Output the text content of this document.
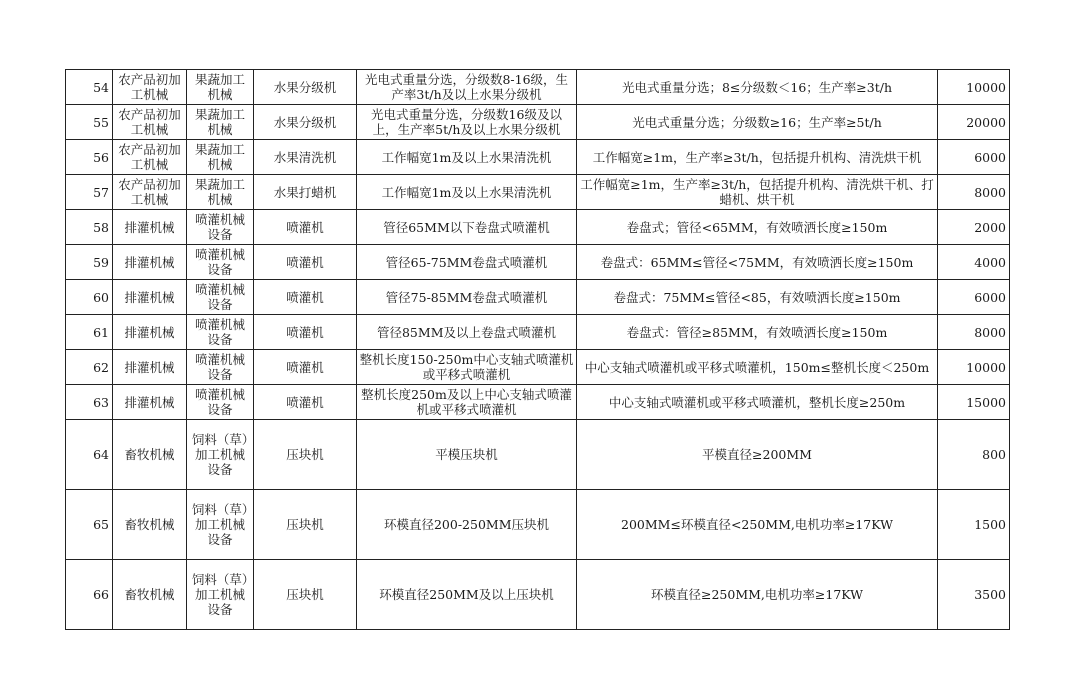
54	农产品初加工机械	果蔬加工机械	水果分级机	光电式重量分选，分级数8-16级，生产率3t/h及以上水果分级机	光电式重量分选；8≤分级数＜16；生产率≥3t/h	10000
55	农产品初加工机械	果蔬加工机械	水果分级机	光电式重量分选，分级数16级及以上，生产率5t/h及以上水果分级机	光电式重量分选；分级数≥16；生产率≥5t/h	20000
56	农产品初加工机械	果蔬加工机械	水果清洗机	工作幅宽1m及以上水果清洗机	工作幅宽≥1m，生产率≥3t/h，包括提升机构、清洗烘干机	6000
57	农产品初加工机械	果蔬加工机械	水果打蜡机	工作幅宽1m及以上水果清洗机	工作幅宽≥1m，生产率≥3t/h，包括提升机构、清洗烘干机、打蜡机、烘干机	8000
58	排灌机械	喷灌机械设备	喷灌机	管径65MM以下卷盘式喷灌机	卷盘式；管径<65MM，有效喷洒长度≥150m	2000
59	排灌机械	喷灌机械设备	喷灌机	管径65-75MM卷盘式喷灌机	卷盘式：65MM≤管径<75MM，有效喷洒长度≥150m	4000
60	排灌机械	喷灌机械设备	喷灌机	管径75-85MM卷盘式喷灌机	卷盘式：75MM≤管径<85，有效喷洒长度≥150m	6000
61	排灌机械	喷灌机械设备	喷灌机	管径85MM及以上卷盘式喷灌机	卷盘式：管径≥85MM，有效喷洒长度≥150m	8000
62	排灌机械	喷灌机械设备	喷灌机	整机长度150-250m中心支轴式喷灌机或平移式喷灌机	中心支轴式喷灌机或平移式喷灌机，150m≤整机长度＜250m	10000
63	排灌机械	喷灌机械设备	喷灌机	整机长度250m及以上中心支轴式喷灌机或平移式喷灌机	中心支轴式喷灌机或平移式喷灌机，整机长度≥250m	15000
64	畜牧机械	饲料（草）加工机械设备	压块机	平模压块机	平模直径≥200MM	800
65	畜牧机械	饲料（草）加工机械设备	压块机	环模直径200-250MM压块机	200MM≤环模直径<250MM,电机功率≥17KW	1500
66	畜牧机械	饲料（草）加工机械设备	压块机	环模直径250MM及以上压块机	环模直径≥250MM,电机功率≥17KW	3500
